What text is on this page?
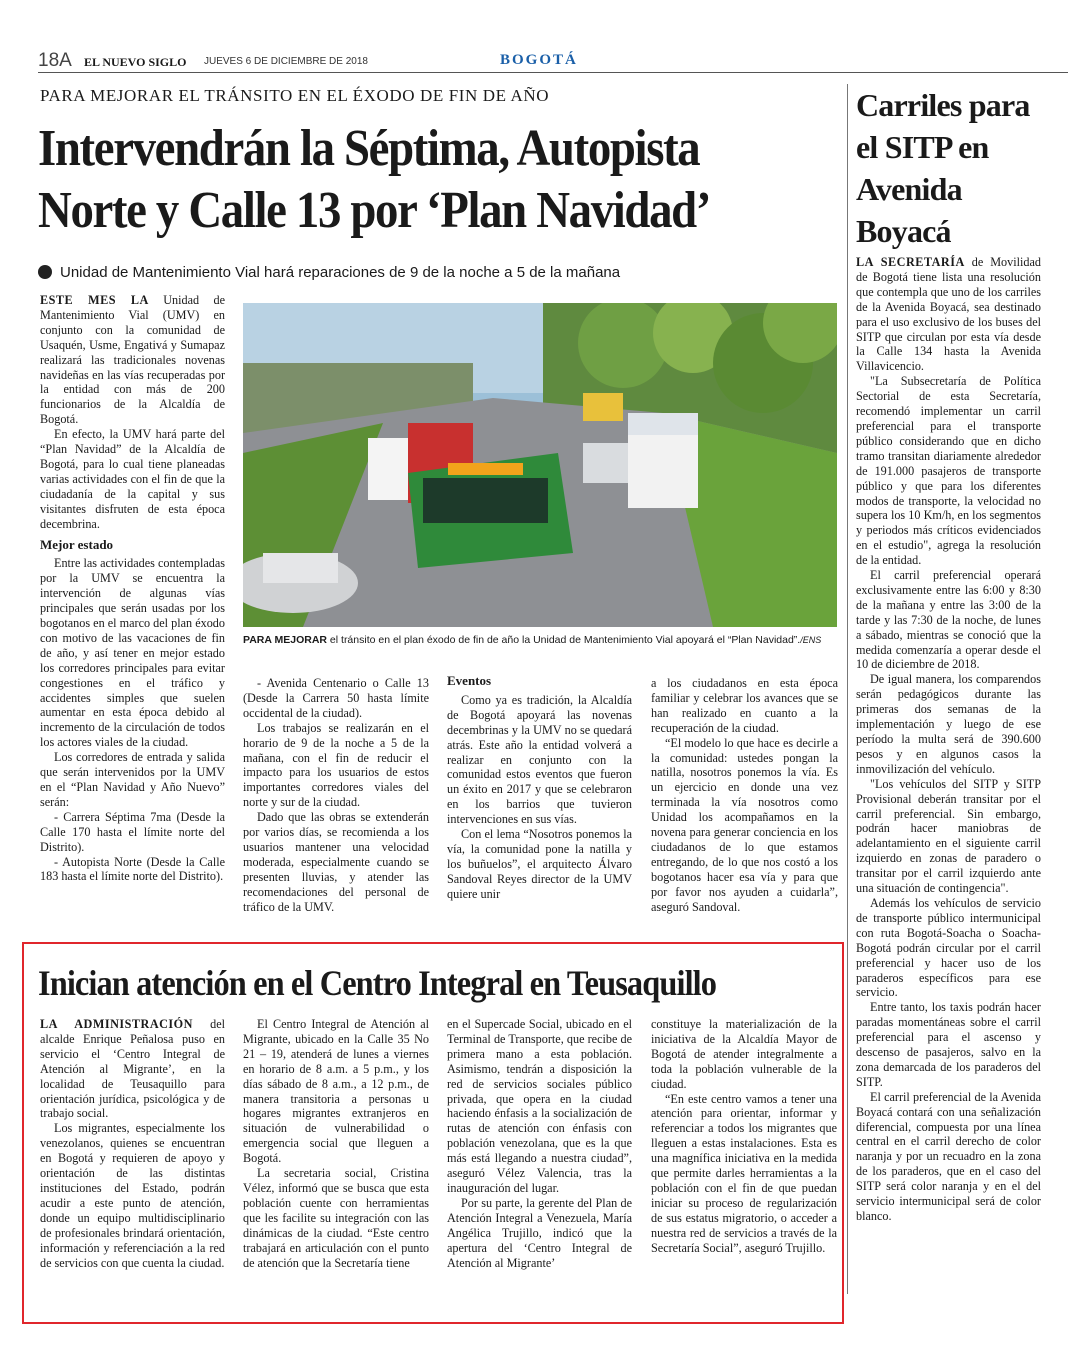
18A EL NUEVO SIGLO JUEVES 6 DE DICIEMBRE DE 2018	BOGOTÁ
PARA MEJORAR EL TRÁNSITO EN EL ÉXODO DE FIN DE AÑO
Intervendrán la Séptima, Autopista
Norte y Calle 13 por ‘Plan Navidad’
Unidad de Mantenimiento Vial hará reparaciones de 9 de la noche a 5 de la mañana

ESTE MES LA Unidad de Mantenimiento Vial (UMV) en conjunto con la comunidad de Usaquén, Usme, Engativá y Sumapaz realizará las tradicionales novenas navideñas en las vías recuperadas por la entidad con más de 200 funcionarios de la Alcaldía de Bogotá.

En efecto, la UMV hará parte del “Plan Navidad” de la Alcaldía de Bogotá, para lo cual tiene planeadas varias actividades con el fin de que la ciudadanía de la capital y sus visitantes disfruten de esta época decembrina.

Mejor estado

Entre las actividades contempladas por la UMV se encuentra la intervención de algunas vías principales que serán usadas por los bogotanos en el marco del plan éxodo con motivo de las vacaciones de fin de año, y así tener en mejor estado los corredores principales para evitar congestiones en el tráfico y accidentes simples que suelen aumentar en esta época debido al incremento de la circulación de todos los actores viales de la ciudad.

Los corredores de entrada y salida que serán intervenidos por la UMV en el “Plan Navidad y Año Nuevo” serán:

- Carrera Séptima 7ma (Desde la Calle 170 hasta el límite norte del Distrito).

- Autopista Norte (Desde la Calle 183 hasta el límite norte del Distrito).

PARA MEJORAR el tránsito en el plan éxodo de fin de año la Unidad de Mantenimiento Vial apoyará el “Plan Navidad”./ENS

- Avenida Centenario o Calle 13 (Desde la Carrera 50 hasta límite occidental de la ciudad).

Los trabajos se realizarán en el horario de 9 de la noche a 5 de la mañana, con el fin de reducir el impacto para los usuarios de estos importantes corredores viales del norte y sur de la ciudad.

Dado que las obras se extenderán por varios días, se recomienda a los usuarios mantener una velocidad moderada, especialmente cuando se presenten lluvias, y atender las recomendaciones del personal de tráfico de la UMV.

Eventos

Como ya es tradición, la Alcaldía de Bogotá apoyará las novenas decembrinas y la UMV no se quedará atrás. Este año la entidad volverá a realizar en conjunto con la comunidad estos eventos que fueron un éxito en 2017 y que se celebraron en los barrios que tuvieron intervenciones en sus vías.

Con el lema “Nosotros ponemos la vía, la comunidad pone la natilla y los buñuelos”, el arquitecto Álvaro Sandoval Reyes director de la UMV quiere unir

a los ciudadanos en esta época familiar y celebrar los avances que se han realizado en cuanto a la recuperación de la ciudad.

“El modelo lo que hace es decirle a la comunidad: ustedes pongan la natilla, nosotros ponemos la vía. Es un ejercicio en donde una vez terminada la vía nosotros como Unidad los acompañamos en la novena para generar conciencia en los ciudadanos de lo que estamos entregando, de lo que nos costó a los bogotanos hacer esa vía y para que por favor nos ayuden a cuidarla”, aseguró Sandoval.

Carriles para el SITP en Avenida Boyacá

LA SECRETARÍA de Movilidad de Bogotá tiene lista una resolución que contempla que uno de los carriles de la Avenida Boyacá, sea destinado para el uso exclusivo de los buses del SITP que circulan por esta vía desde la Calle 134 hasta la Avenida Villavicencio.

"La Subsecretaría de Política Sectorial de esta Secretaría, recomendó implementar un carril preferencial para el transporte público considerando que en dicho tramo transitan diariamente alrededor de 191.000 pasajeros de transporte público y que para los diferentes modos de transporte, la velocidad no supera los 10 Km/h, en los segmentos y periodos más críticos evidenciados en el estudio", agrega la resolución de la entidad.

El carril preferencial operará exclusivamente entre las 6:00 y 8:30 de la mañana y entre las 3:00 de la tarde y las 7:30 de la noche, de lunes a sábado, mientras se conoció que la medida comenzaría a operar desde el 10 de diciembre de 2018.

De igual manera, los comparendos serán pedagógicos durante las primeras dos semanas de la implementación y luego de ese período la multa será de 390.600 pesos y en algunos casos la inmovilización del vehículo.

"Los vehículos del SITP y SITP Provisional deberán transitar por el carril preferencial. Sin embargo, podrán hacer maniobras de adelantamiento en el siguiente carril izquierdo en zonas de paradero o transitar por el carril izquierdo ante una situación de contingencia".

Además los vehículos de servicio de transporte público intermunicipal con ruta Bogotá-Soacha o Soacha-Bogotá podrán circular por el carril preferencial y hacer uso de los paraderos específicos para ese servicio.

Entre tanto, los taxis podrán hacer paradas momentáneas sobre el carril preferencial para el ascenso y descenso de pasajeros, salvo en la zona demarcada de los paraderos del SITP.

El carril preferencial de la Avenida Boyacá contará con una señalización diferencial, compuesta por una línea central en el carril derecho de color naranja y por un recuadro en la zona de los paraderos, que en el caso del SITP será color naranja y en el del servicio intermunicipal será de color blanco.

Inician atención en el Centro Integral en Teusaquillo

LA ADMINISTRACIÓN del alcalde Enrique Peñalosa puso en servicio el ‘Centro Integral de Atención al Migrante’, en la localidad de Teusaquillo para orientación jurídica, psicológica y de trabajo social.

Los migrantes, especialmente los venezolanos, quienes se encuentran en Bogotá y requieren de apoyo y orientación de las distintas instituciones del Estado, podrán acudir a este punto de atención, donde un equipo multidisciplinario de profesionales brindará orientación, información y referenciación a la red de servicios con que cuenta la ciudad.

El Centro Integral de Atención al Migrante, ubicado en la Calle 35 No 21 – 19, atenderá de lunes a viernes en horario de 8 a.m. a 5 p.m., y los días sábado de 8 a.m., a 12 p.m., de manera transitoria a personas u hogares migrantes extranjeros en situación de vulnerabilidad o emergencia social que lleguen a Bogotá.

La secretaria social, Cristina Vélez, informó que se busca que esta población cuente con herramientas que les facilite su integración con las dinámicas de la ciudad. “Este centro trabajará en articulación con el punto de atención que la Secretaría tiene

en el Supercade Social, ubicado en el Terminal de Transporte, que recibe de primera mano a esta población. Asimismo, tendrán a disposición la red de servicios sociales público privada, que opera en la ciudad haciendo énfasis a la socialización de rutas de atención con énfasis con población venezolana, que es la que más está llegando a nuestra ciudad”, aseguró Vélez Valencia, tras la inauguración del lugar.

Por su parte, la gerente del Plan de Atención Integral a Venezuela, María Angélica Trujillo, indicó que la apertura del ‘Centro Integral de Atención al Migrante’

constituye la materialización de la iniciativa de la Alcaldía Mayor de Bogotá de atender integralmente a toda la población vulnerable de la ciudad.

“En este centro vamos a tener una atención para orientar, informar y referenciar a todos los migrantes que lleguen a estas instalaciones. Esta es una magnífica iniciativa en la medida que permite darles herramientas a la población con el fin de que puedan iniciar su proceso de regularización de sus estatus migratorio, o acceder a nuestra red de servicios a través de la Secretaría Social”, aseguró Trujillo.
